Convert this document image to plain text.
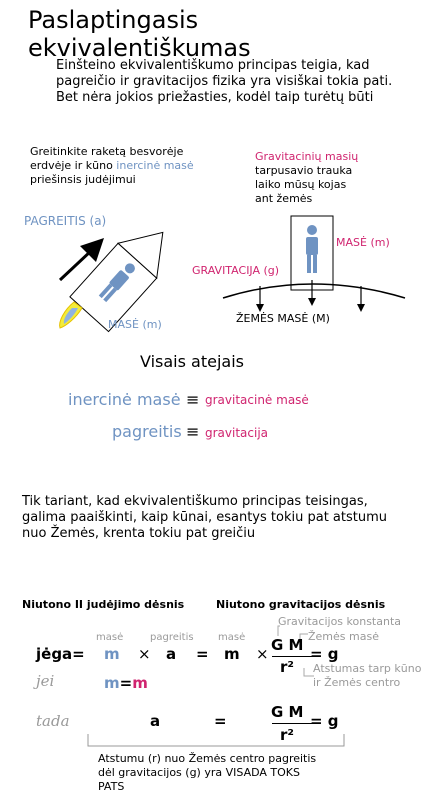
Paslaptingasis ekvivalentiškumas
Einšteino ekvivalentiškumo principas teigia, kad pagreičio ir gravitacijos fizika yra visiškai tokia pati. Bet nėra jokios priežasties, kodėl taip turėtų būti
Greitinkite raketą besvorėje erdvėje ir kūno inercinė masė priešinsis judėjimui
PAGREITIS (a)
MASĖ (m)
Gravitacinių masių
tarpusavio trauka laiko mūsų kojas ant žemės
MASĖ (m)
GRAVITACIJA (g)
ŽEMĖS MASĖ (M)
Visais atejais
inercinė masė ≡ gravitacinė masė
pagreitis ≡ gravitacija
Tik tariant, kad ekvivalentiškumo principas teisingas, galima paaiškinti, kaip kūnai, esantys tokiu pat atstumu nuo Žemės, krenta tokiu pat greičiu
Niutono II judėjimo dėsnis	Niutono gravitacijos dėsnis
masė	pagreitis masė
Gravitacijos konstanta
Žemės masė
Atstumas tarp kūno ir Žemės centro
jėga= m × a = m × G M
r²
= g
jei	m=m
tada	a	=	G M
r²
= g
Atstumu (r) nuo Žemės centro pagreitis dėl gravitacijos (g) yra VISADA TOKS PATS
